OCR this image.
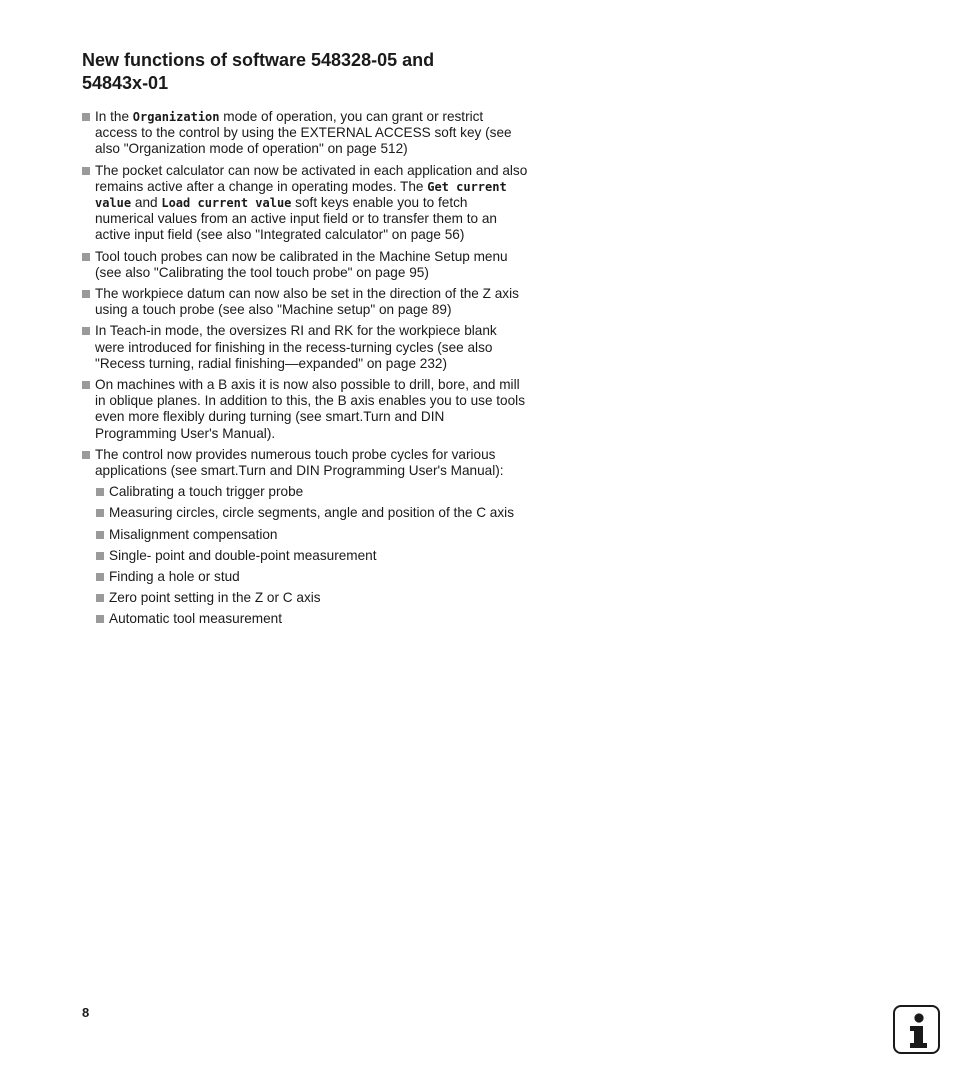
New functions of software 548328-05 and
54843x-01
In the Organization mode of operation, you can grant or restrict access to the control by using the EXTERNAL ACCESS soft key (see also "Organization mode of operation" on page 512)
The pocket calculator can now be activated in each application and also remains active after a change in operating modes. The Get current value and Load current value soft keys enable you to fetch numerical values from an active input field or to transfer them to an active input field (see also "Integrated calculator" on page 56)
Tool touch probes can now be calibrated in the Machine Setup menu (see also "Calibrating the tool touch probe" on page 95)
The workpiece datum can now also be set in the direction of the Z axis using a touch probe (see also "Machine setup" on page 89)
In Teach-in mode, the oversizes RI and RK for the workpiece blank were introduced for finishing in the recess-turning cycles (see also "Recess turning, radial finishing—expanded" on page 232)
On machines with a B axis it is now also possible to drill, bore, and mill in oblique planes. In addition to this, the B axis enables you to use tools even more flexibly during turning (see smart.Turn and DIN Programming User's Manual).
The control now provides numerous touch probe cycles for various applications (see smart.Turn and DIN Programming User's Manual):
Calibrating a touch trigger probe
Measuring circles, circle segments, angle and position of the C axis
Misalignment compensation
Single- point and double-point measurement
Finding a hole or stud
Zero point setting in the Z or C axis
Automatic tool measurement
8
